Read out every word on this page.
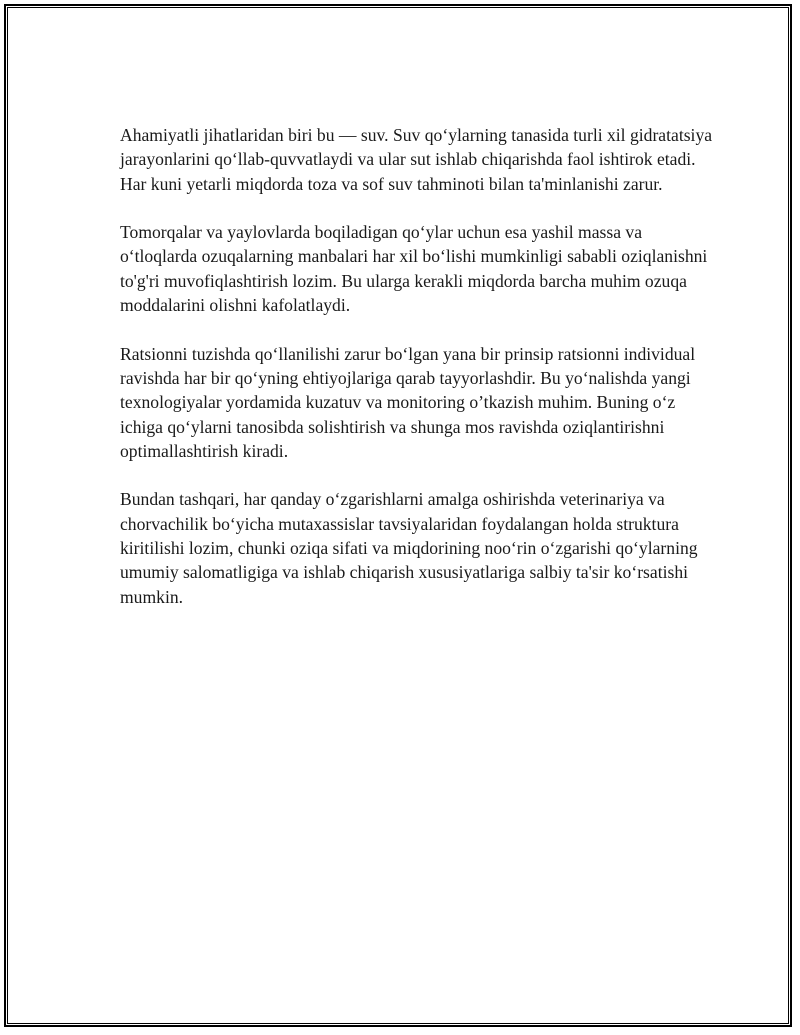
Ahamiyatli jihatlaridan biri bu — suv. Suv qo‘ylarning tanasida turli xil gidratatsiya jarayonlarini qo‘llab-quvvatlaydi va ular sut ishlab chiqarishda faol ishtirok etadi. Har kuni yetarli miqdorda toza va sof suv tahminoti bilan ta'minlanishi zarur.

Tomorqalar va yaylovlarda boqiladigan qo‘ylar uchun esa yashil massa va o‘tloqlarda ozuqalarning manbalari har xil bo‘lishi mumkinligi sababli oziqlanishni to'g'ri muvofiqlashtirish lozim. Bu ularga kerakli miqdorda barcha muhim ozuqa moddalarini olishni kafolatlaydi.

Ratsionni tuzishda qo‘llanilishi zarur bo‘lgan yana bir prinsip ratsionni individual ravishda har bir qo‘yning ehtiyojlariga qarab tayyorlashdir. Bu yo‘nalishda yangi texnologiyalar yordamida kuzatuv va monitoring o’tkazish muhim. Buning o‘z ichiga qo‘ylarni tanosibda solishtirish va shunga mos ravishda oziqlantirishni optimallashtirish kiradi.

Bundan tashqari, har qanday o‘zgarishlarni amalga oshirishda veterinariya va chorvachilik bo‘yicha mutaxassislar tavsiyalaridan foydalangan holda struktura kiritilishi lozim, chunki oziqa sifati va miqdorining noo‘rin o‘zgarishi qo‘ylarning umumiy salomatligiga va ishlab chiqarish xususiyatlariga salbiy ta'sir ko‘rsatishi mumkin.
